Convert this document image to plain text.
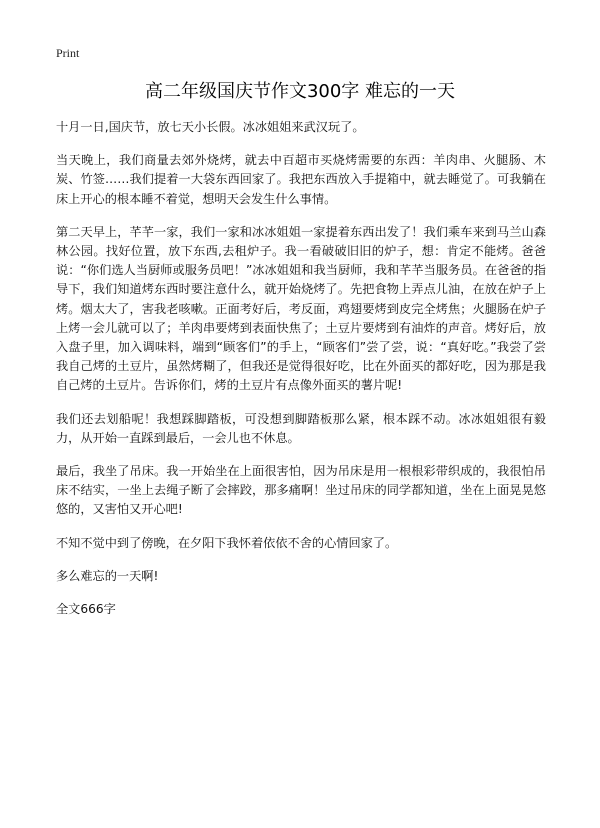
Print
高二年级国庆节作文300字 难忘的一天

十月一日,国庆节，放七天小长假。冰冰姐姐来武汉玩了。

当天晚上，我们商量去郊外烧烤，就去中百超市买烧烤需要的东西：羊肉串、火腿肠、木炭、竹签……我们提着一大袋东西回家了。我把东西放入手提箱中，就去睡觉了。可我躺在床上开心的根本睡不着觉，想明天会发生什么事情。

第二天早上，芊芊一家，我们一家和冰冰姐姐一家提着东西出发了！我们乘车来到马兰山森林公园。找好位置，放下东西,去租炉子。我一看破破旧旧的炉子，想：肯定不能烤。爸爸说：“你们选人当厨师或服务员吧！”冰冰姐姐和我当厨师，我和芊芊当服务员。在爸爸的指导下，我们知道烤东西时要注意什么，就开始烧烤了。先把食物上弄点儿油，在放在炉子上烤。烟太大了，害我老咳嗽。正面考好后，考反面，鸡翅要烤到皮完全烤焦；火腿肠在炉子上烤一会儿就可以了；羊肉串要烤到表面快焦了；土豆片要烤到有油炸的声音。烤好后，放入盘子里，加入调味料，端到“顾客们”的手上，“顾客们”尝了尝，说：“真好吃。”我尝了尝我自己烤的土豆片，虽然烤糊了，但我还是觉得很好吃，比在外面买的都好吃，因为那是我自己烤的土豆片。告诉你们，烤的土豆片有点像外面买的薯片呢!

我们还去划船呢！我想踩脚踏板，可没想到脚踏板那么紧，根本踩不动。冰冰姐姐很有毅力，从开始一直踩到最后，一会儿也不休息。

最后，我坐了吊床。我一开始坐在上面很害怕，因为吊床是用一根根彩带织成的，我很怕吊床不结实，一坐上去绳子断了会摔跤，那多痛啊！坐过吊床的同学都知道，坐在上面晃晃悠悠的，又害怕又开心吧!

不知不觉中到了傍晚，在夕阳下我怀着依依不舍的心情回家了。

多么难忘的一天啊!

全文666字
